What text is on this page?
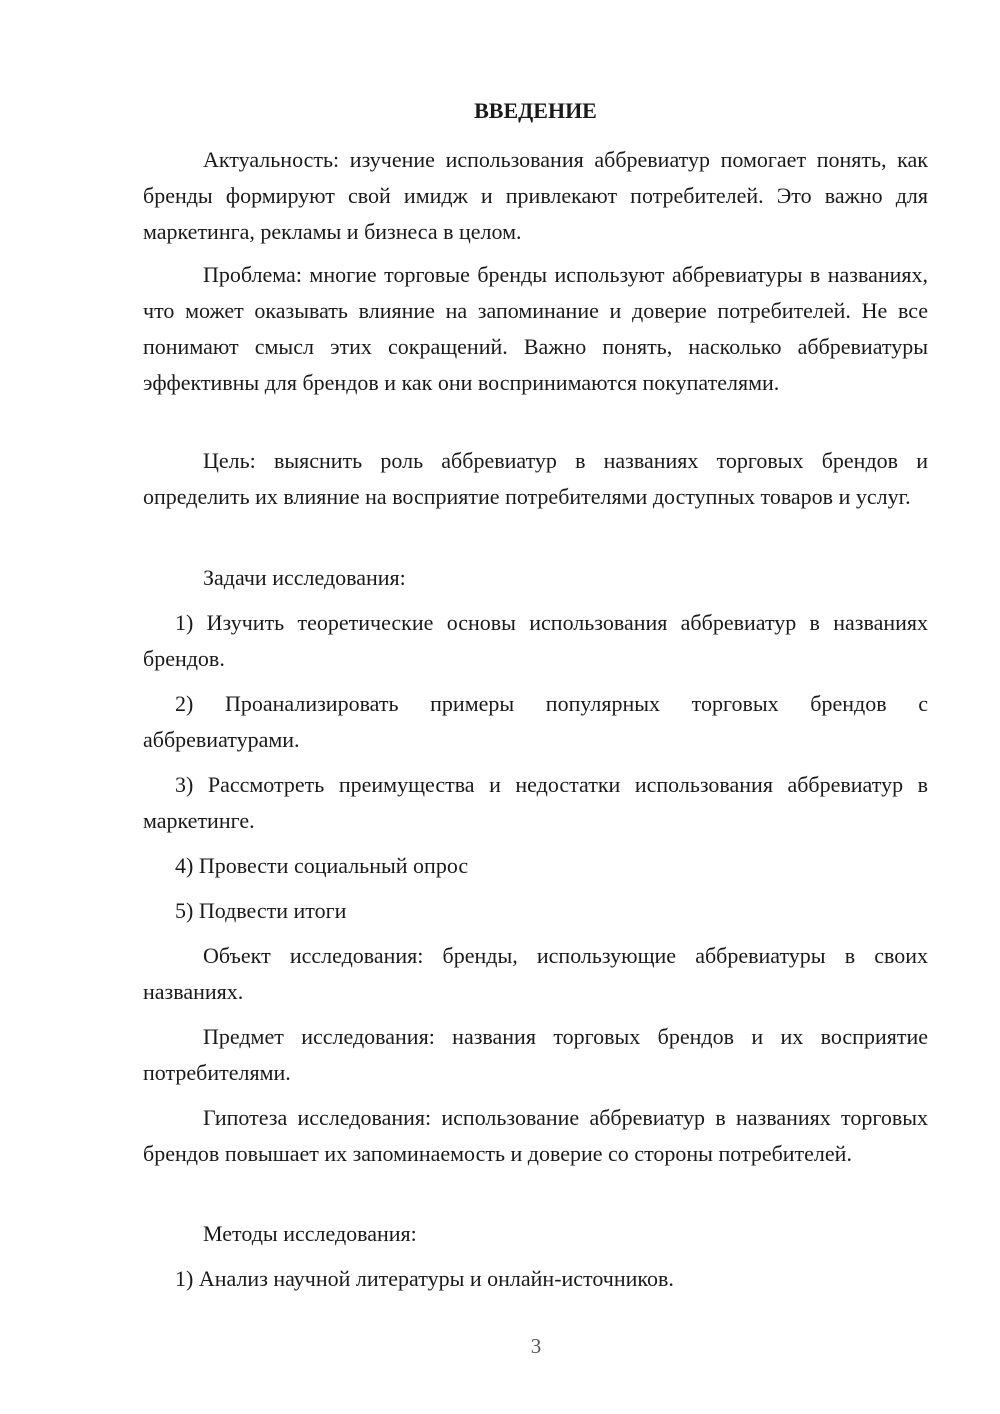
ВВЕДЕНИЕ

Актуальность: изучение использования аббревиатур помогает понять, как бренды формируют свой имидж и привлекают потребителей. Это важно для маркетинга, рекламы и бизнеса в целом.

Проблема: многие торговые бренды используют аббревиатуры в названиях, что может оказывать влияние на запоминание и доверие потребителей. Не все понимают смысл этих сокращений. Важно понять, насколько аббревиатуры эффективны для брендов и как они воспринимаются покупателями.

Цель: выяснить роль аббревиатур в названиях торговых брендов и определить их влияние на восприятие потребителями доступных товаров и услуг.

Задачи исследования:

1) Изучить теоретические основы использования аббревиатур в названиях брендов.

2) Проанализировать примеры популярных торговых брендов с аббревиатурами.

3) Рассмотреть преимущества и недостатки использования аббревиатур в маркетинге.

4) Провести социальный опрос

5) Подвести итоги

Объект исследования: бренды, использующие аббревиатуры в своих названиях.

Предмет исследования: названия торговых брендов и их восприятие потребителями.

Гипотеза исследования: использование аббревиатур в названиях торговых брендов повышает их запоминаемость и доверие со стороны потребителей.

Методы исследования:

1) Анализ научной литературы и онлайн-источников.

3
